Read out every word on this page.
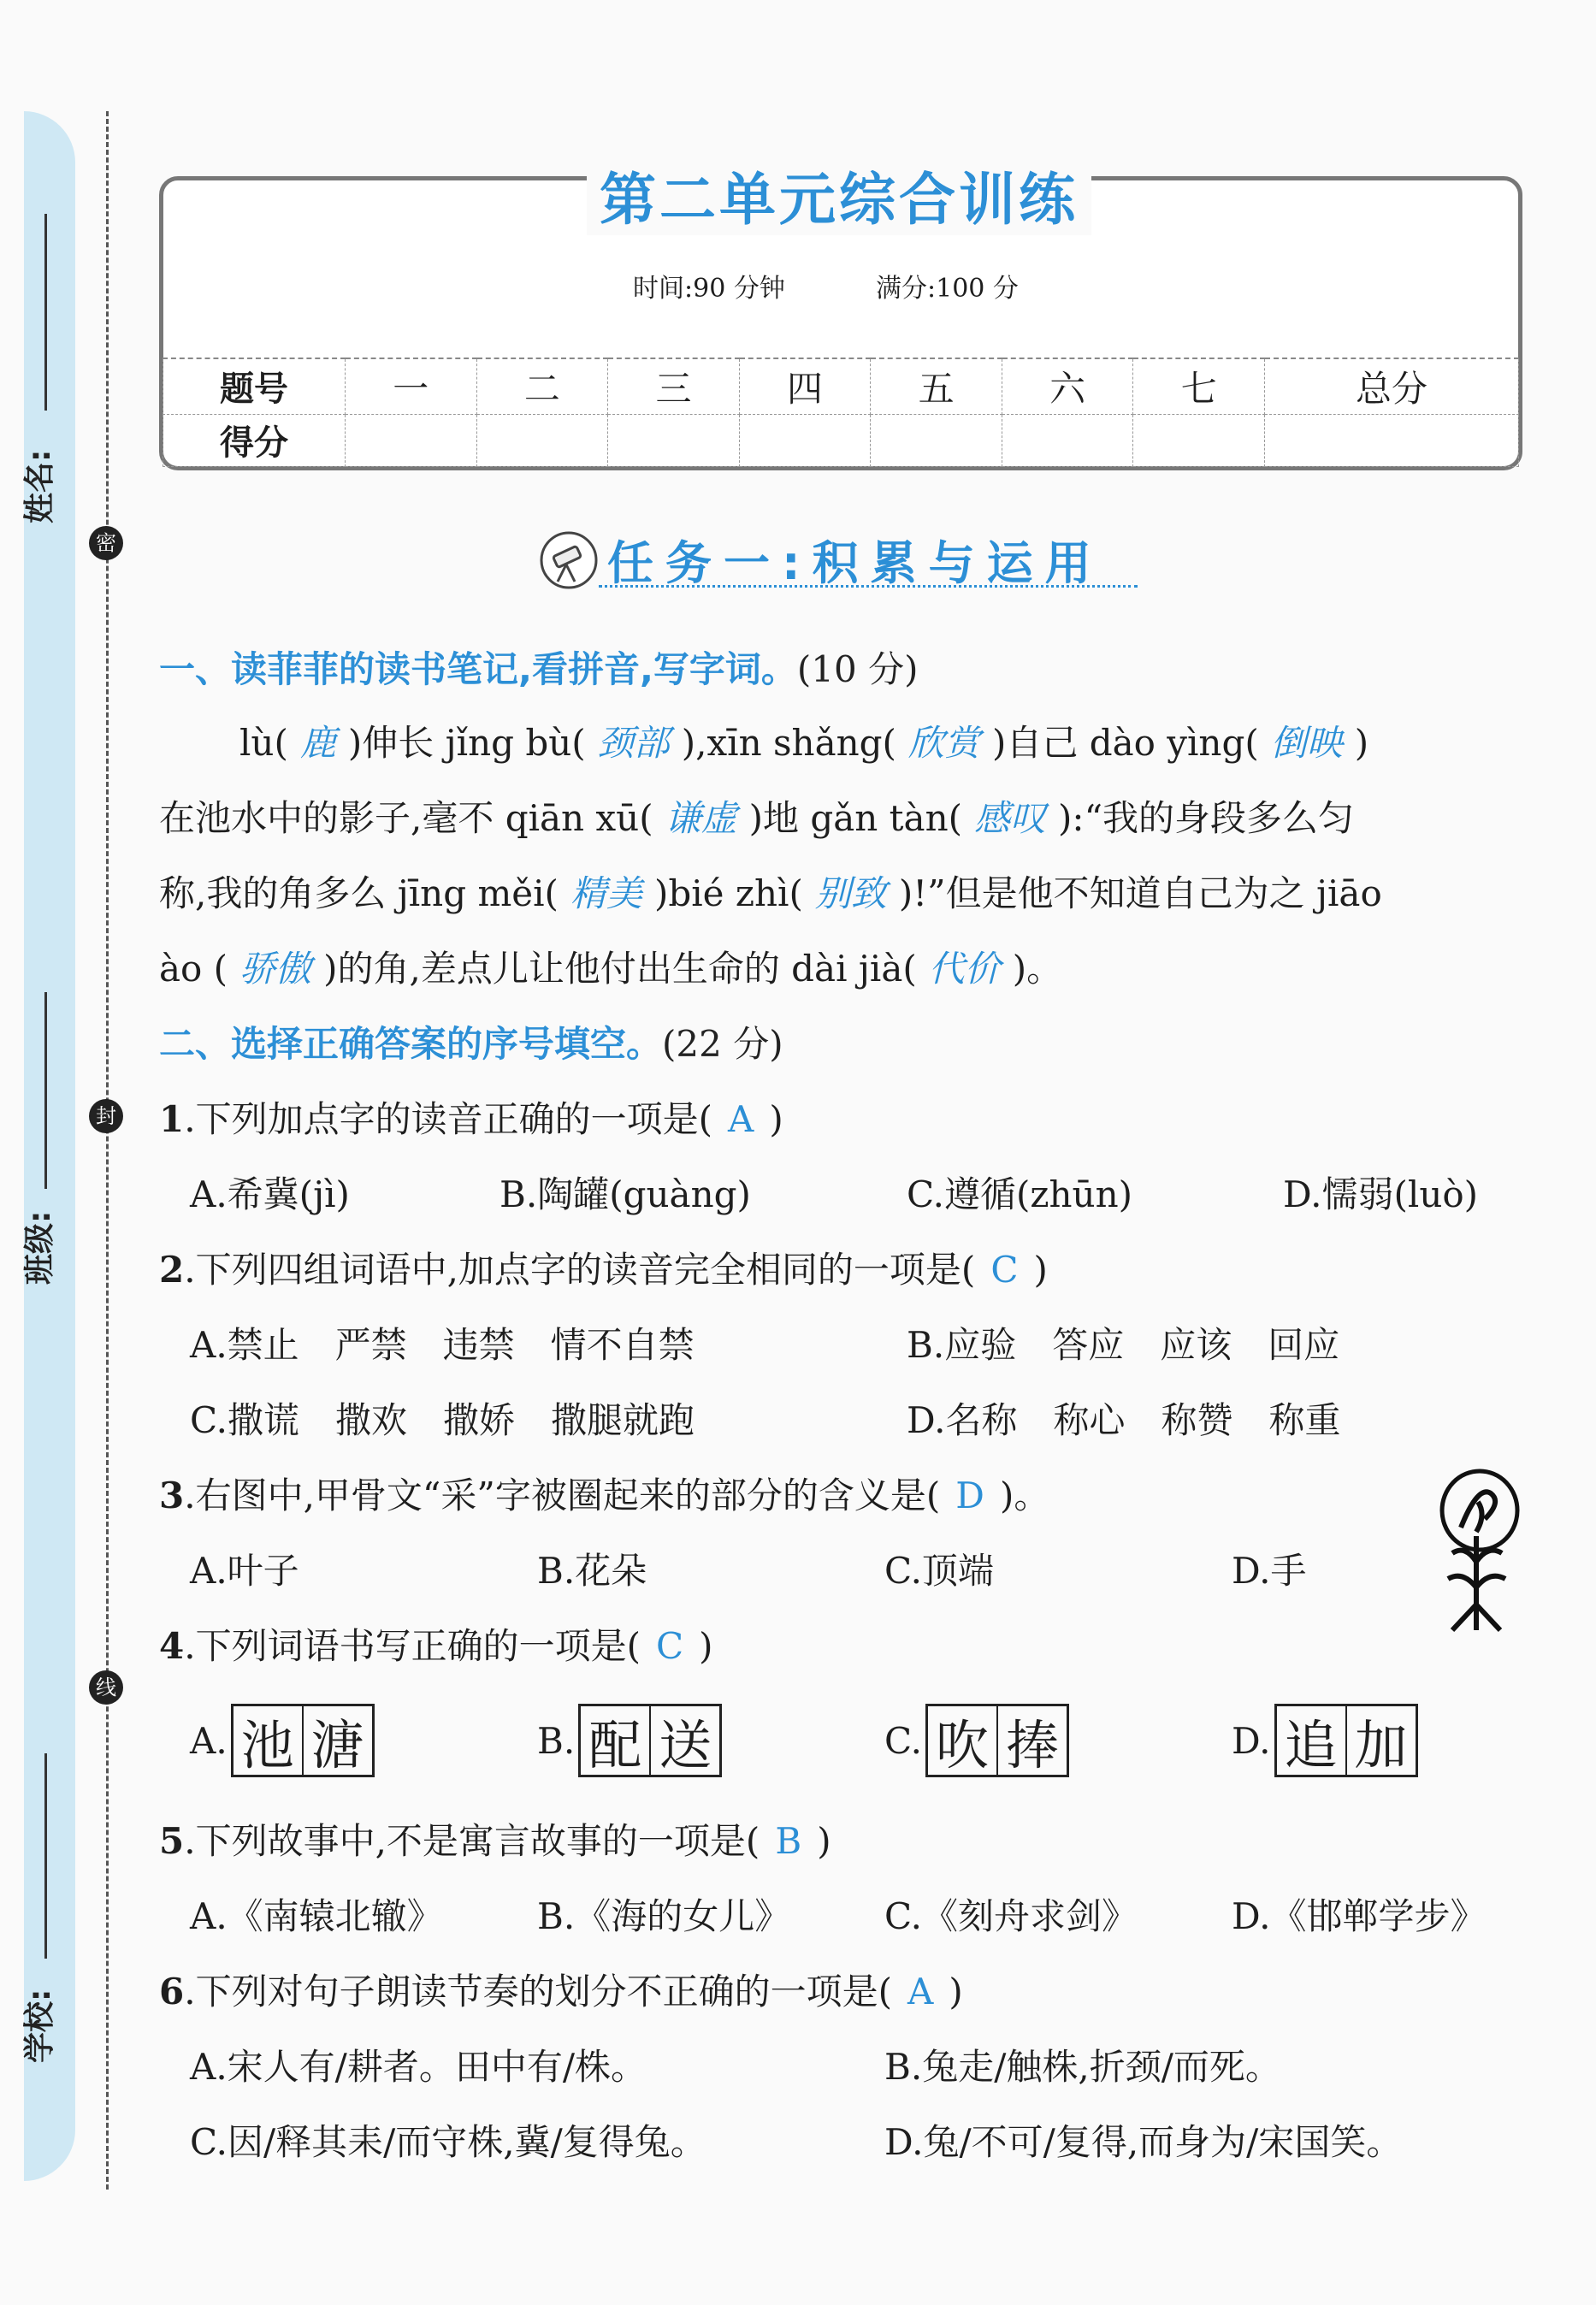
姓名:
班级:
学校:
密
封
线
第二单元综合训练
时间:90 分钟	满分:100 分
题号	一	二	三	四	五	六	七	总分
得分								
任务一:积累与运用
一、读菲菲的读书笔记,看拼音,写字词。(10 分)
lù( 鹿 )伸长 jǐng bù( 颈部 ),xīn shǎng( 欣赏 )自己 dào yìng( 倒映 )
在池水中的影子,毫不 qiān xū( 谦虚 )地 gǎn tàn( 感叹 ):“我的身段多么匀
称,我的角多么 jīng měi( 精美 )bié zhì( 别致 )!”但是他不知道自己为之 jiāo
ào ( 骄傲 )的角,差点儿让他付出生命的 dài jià( 代价 )。
二、选择正确答案的序号填空。(22 分)
1.下列加点字的读音正确的一项是( A )
A.希冀(jì)	B.陶罐(guàng)	C.遵循(zhūn)	D.懦弱(luò)
2.下列四组词语中,加点字的读音完全相同的一项是( C )
A.禁止　严禁　违禁　情不自禁	B.应验　答应　应该　回应
C.撒谎　撒欢　撒娇　撒腿就跑	D.名称　称心　称赞　称重
3.右图中,甲骨文“采”字被圈起来的部分的含义是( D )。
A.叶子	B.花朵	C.顶端	D.手
4.下列词语书写正确的一项是( C )
A. 池 溏	B. 配 送	C. 吹 捧	D. 追 加
5.下列故事中,不是寓言故事的一项是( B )
A.《南辕北辙》	B.《海的女儿》	C.《刻舟求剑》	D.《邯郸学步》
6.下列对句子朗读节奏的划分不正确的一项是( A )
A.宋人有/耕者。田中有/株。	B.兔走/触株,折颈/而死。
C.因/释其耒/而守株,冀/复得兔。	D.兔/不可/复得,而身为/宋国笑。
